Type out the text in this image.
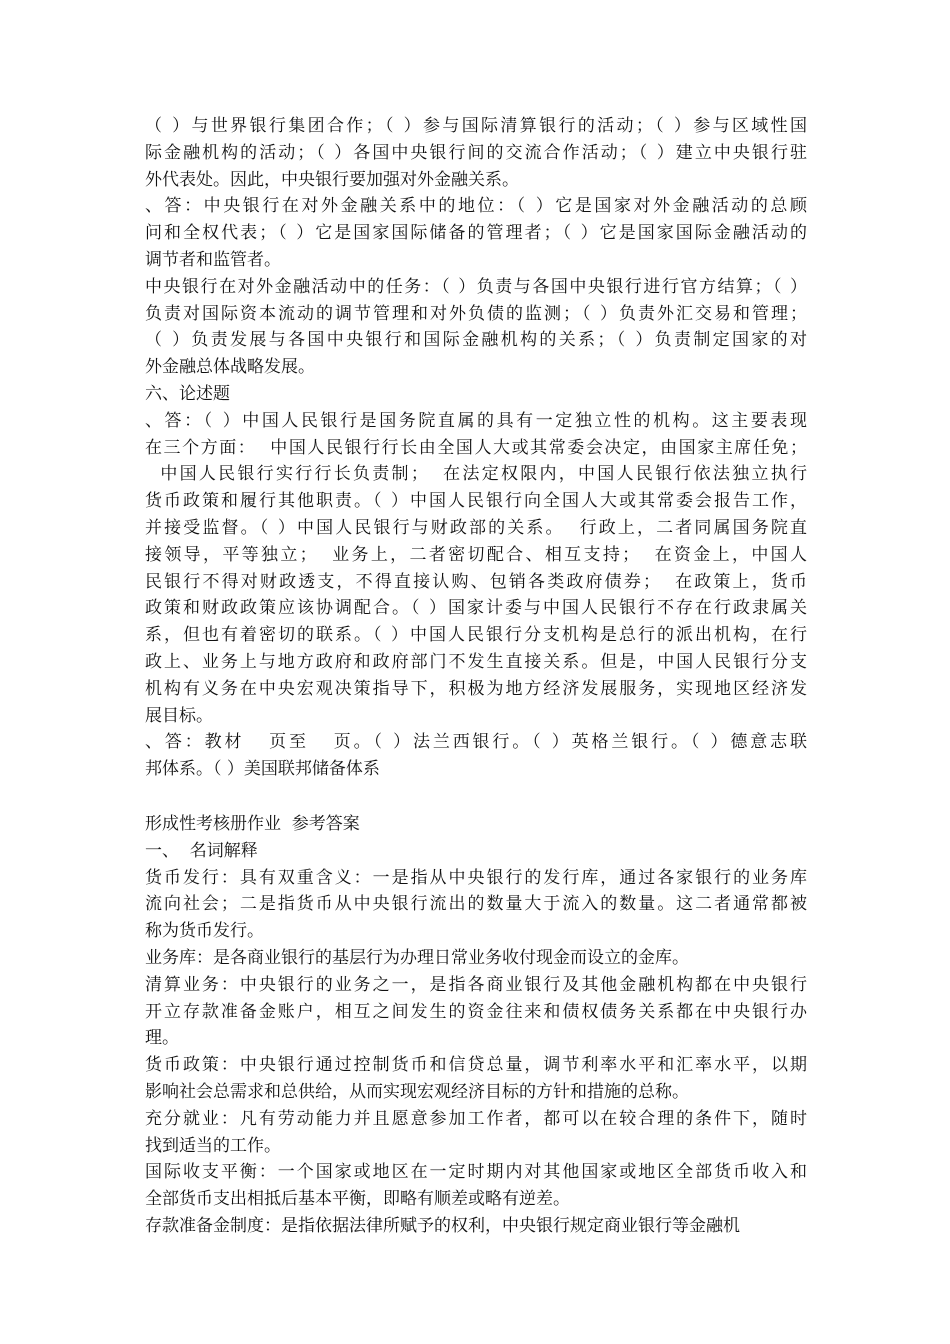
（ ）与世界银行集团合作；（ ）参与国际清算银行的活动；（ ）参与区域性国
际金融机构的活动；（ ）各国中央银行间的交流合作活动；（ ）建立中央银行驻
外代表处。因此，中央银行要加强对外金融关系。
、答：中央银行在对外金融关系中的地位：（ ）它是国家对外金融活动的总顾
问和全权代表；（ ）它是国家国际储备的管理者；（ ）它是国家国际金融活动的
调节者和监管者。
中央银行在对外金融活动中的任务：（ ）负责与各国中央银行进行官方结算；（ ）
负责对国际资本流动的调节管理和对外负债的监测；（ ）负责外汇交易和管理；
（ ）负责发展与各国中央银行和国际金融机构的关系；（ ）负责制定国家的对
外金融总体战略发展。
六、论述题
、答：（ ）中国人民银行是国务院直属的具有一定独立性的机构。这主要表现
在三个方面：  中国人民银行行长由全国人大或其常委会决定，由国家主席任免；
中国人民银行实行行长负责制；  在法定权限内，中国人民银行依法独立执行
货币政策和履行其他职责。（ ）中国人民银行向全国人大或其常委会报告工作，
并接受监督。（ ）中国人民银行与财政部的关系。  行政上，二者同属国务院直
接领导，平等独立；  业务上，二者密切配合、相互支持；  在资金上，中国人
民银行不得对财政透支，不得直接认购、包销各类政府债券；  在政策上，货币
政策和财政政策应该协调配合。（ ）国家计委与中国人民银行不存在行政隶属关
系，但也有着密切的联系。（ ）中国人民银行分支机构是总行的派出机构，在行
政上、业务上与地方政府和政府部门不发生直接关系。但是，中国人民银行分支
机构有义务在中央宏观决策指导下，积极为地方经济发展服务，实现地区经济发
展目标。
、答：教材   页至   页。（ ）法兰西银行。（ ）英格兰银行。（ ）德意志联
邦体系。（ ）美国联邦储备体系
形成性考核册作业  参考答案
一、  名词解释
货币发行：具有双重含义：一是指从中央银行的发行库，通过各家银行的业务库
流向社会；二是指货币从中央银行流出的数量大于流入的数量。这二者通常都被
称为货币发行。
业务库：是各商业银行的基层行为办理日常业务收付现金而设立的金库。
清算业务：中央银行的业务之一，是指各商业银行及其他金融机构都在中央银行
开立存款准备金账户，相互之间发生的资金往来和债权债务关系都在中央银行办
理。
货币政策：中央银行通过控制货币和信贷总量，调节利率水平和汇率水平，以期
影响社会总需求和总供给，从而实现宏观经济目标的方针和措施的总称。
充分就业：凡有劳动能力并且愿意参加工作者，都可以在较合理的条件下，随时
找到适当的工作。
国际收支平衡：一个国家或地区在一定时期内对其他国家或地区全部货币收入和
全部货币支出相抵后基本平衡，即略有顺差或略有逆差。
存款准备金制度：是指依据法律所赋予的权利，中央银行规定商业银行等金融机
